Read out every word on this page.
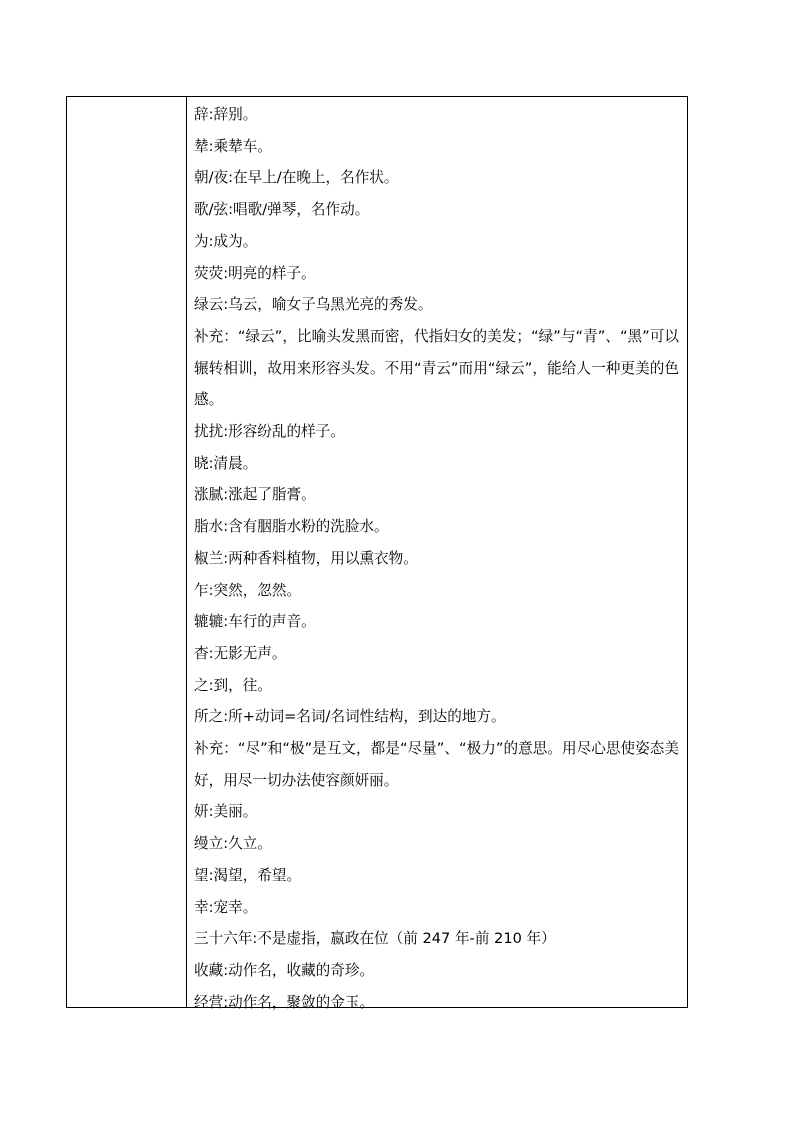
辞:辞别。
辇:乘辇车。
朝/夜:在早上/在晚上，名作状。
歌/弦:唱歌/弹琴，名作动。
为:成为。
荧荧:明亮的样子。
绿云:乌云，喻女子乌黑光亮的秀发。
补充：“绿云”，比喻头发黑而密，代指妇女的美发；“绿”与“青”、“黑”可以辗转相训，故用来形容头发。不用“青云”而用“绿云”，能给人一种更美的色感。
扰扰:形容纷乱的样子。
晓:清晨。
涨腻:涨起了脂膏。
脂水:含有胭脂水粉的洗脸水。
椒兰:两种香料植物，用以熏衣物。
乍:突然，忽然。
辘辘:车行的声音。
杳:无影无声。
之:到，往。
所之:所+动词=名词/名词性结构，到达的地方。
补充：“尽”和“极”是互文，都是“尽量”、“极力”的意思。用尽心思使姿态美好，用尽一切办法使容颜妍丽。
妍:美丽。
缦立:久立。
望:渴望，希望。
幸:宠幸。
三十六年:不是虚指，嬴政在位（前 247 年-前 210 年）
收藏:动作名，收藏的奇珍。
经营:动作名，聚敛的金玉。
